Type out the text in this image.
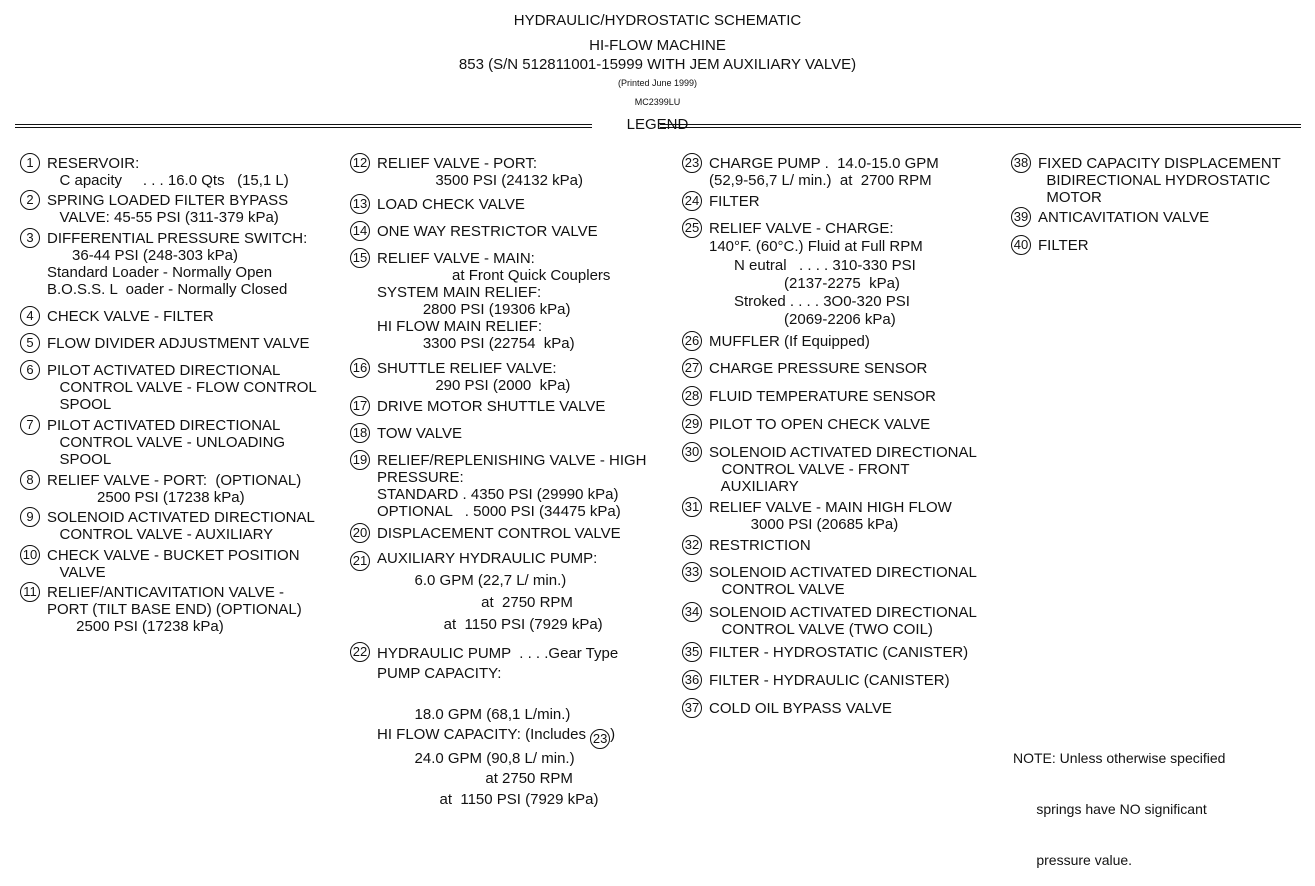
HYDRAULIC/HYDROSTATIC SCHEMATIC
HI-FLOW MACHINE
853 (S/N 512811001-15999 WITH JEM AUXILIARY VALVE)
(Printed June 1999)
MC2399LU
LEGEND
1 RESERVOIR:
C apacity     . . . 16.0 Qts   (15,1 L)
2 SPRING LOADED FILTER BYPASS
VALVE: 45-55 PSI (311-379 kPa)
3 DIFFERENTIAL PRESSURE SWITCH:
36-44 PSI (248-303 kPa)
Standard Loader - Normally Open
B.O.S.S. L  oader - Normally Closed
4 CHECK VALVE - FILTER
5 FLOW DIVIDER ADJUSTMENT VALVE
6 PILOT ACTIVATED DIRECTIONAL
CONTROL VALVE - FLOW CONTROL
SPOOL
7 PILOT ACTIVATED DIRECTIONAL
CONTROL VALVE - UNLOADING
SPOOL
8 RELIEF VALVE - PORT:  (OPTIONAL)
2500 PSI (17238 kPa)
9 SOLENOID ACTIVATED DIRECTIONAL
CONTROL VALVE - AUXILIARY
10 CHECK VALVE - BUCKET POSITION
VALVE
11 RELIEF/ANTICAVITATION VALVE -
PORT (TILT BASE END) (OPTIONAL)
2500 PSI (17238 kPa)
12 RELIEF VALVE - PORT:
3500 PSI (24132 kPa)
13 LOAD CHECK VALVE
14 ONE WAY RESTRICTOR VALVE
15 RELIEF VALVE - MAIN:
at Front Quick Couplers
SYSTEM MAIN RELIEF:
2800 PSI (19306 kPa)
HI FLOW MAIN RELIEF:
3300 PSI (22754  kPa)
16 SHUTTLE RELIEF VALVE:
290 PSI (2000  kPa)
17 DRIVE MOTOR SHUTTLE VALVE
18 TOW VALVE
19 RELIEF/REPLENISHING VALVE - HIGH
PRESSURE:
STANDARD . 4350 PSI (29990 kPa)
OPTIONAL   . 5000 PSI (34475 kPa)
20 DISPLACEMENT CONTROL VALVE
21 AUXILIARY HYDRAULIC PUMP:

6.0 GPM (22,7 L/ min.)

at  2750 RPM

at  1150 PSI (7929 kPa)
22 HYDRAULIC PUMP  . . . .Gear Type
PUMP CAPACITY:

18.0 GPM (68,1 L/min.)
HI FLOW CAPACITY: (Includes 23 )
24.0 GPM (90,8 L/ min.)
at 2750 RPM
at  1150 PSI (7929 kPa)
23 CHARGE PUMP .  14.0-15.0 GPM
(52,9-56,7 L/ min.)  at  2700 RPM
24 FILTER
25 RELIEF VALVE - CHARGE:
140°F. (60°C.) Fluid at Full RPM
N eutral   . . . . 310-330 PSI
(2137-2275  kPa)
Stroked . . . . 3O0-320 PSI
(2069-2206 kPa)
26 MUFFLER (If Equipped)
27 CHARGE PRESSURE SENSOR
28 FLUID TEMPERATURE SENSOR
29 PILOT TO OPEN CHECK VALVE
30 SOLENOID ACTIVATED DIRECTIONAL
CONTROL VALVE - FRONT
AUXILIARY
31 RELIEF VALVE - MAIN HIGH FLOW
3000 PSI (20685 kPa)
32 RESTRICTION
33 SOLENOID ACTIVATED DIRECTIONAL
CONTROL VALVE
34 SOLENOID ACTIVATED DIRECTIONAL
CONTROL VALVE (TWO COIL)
35 FILTER - HYDROSTATIC (CANISTER)
36 FILTER - HYDRAULIC (CANISTER)
37 COLD OIL BYPASS VALVE
38 FIXED CAPACITY DISPLACEMENT
BIDIRECTIONAL HYDROSTATIC
MOTOR
39 ANTICAVITATION VALVE
40 FILTER

NOTE: Unless otherwise specified

springs have NO significant

pressure value.
